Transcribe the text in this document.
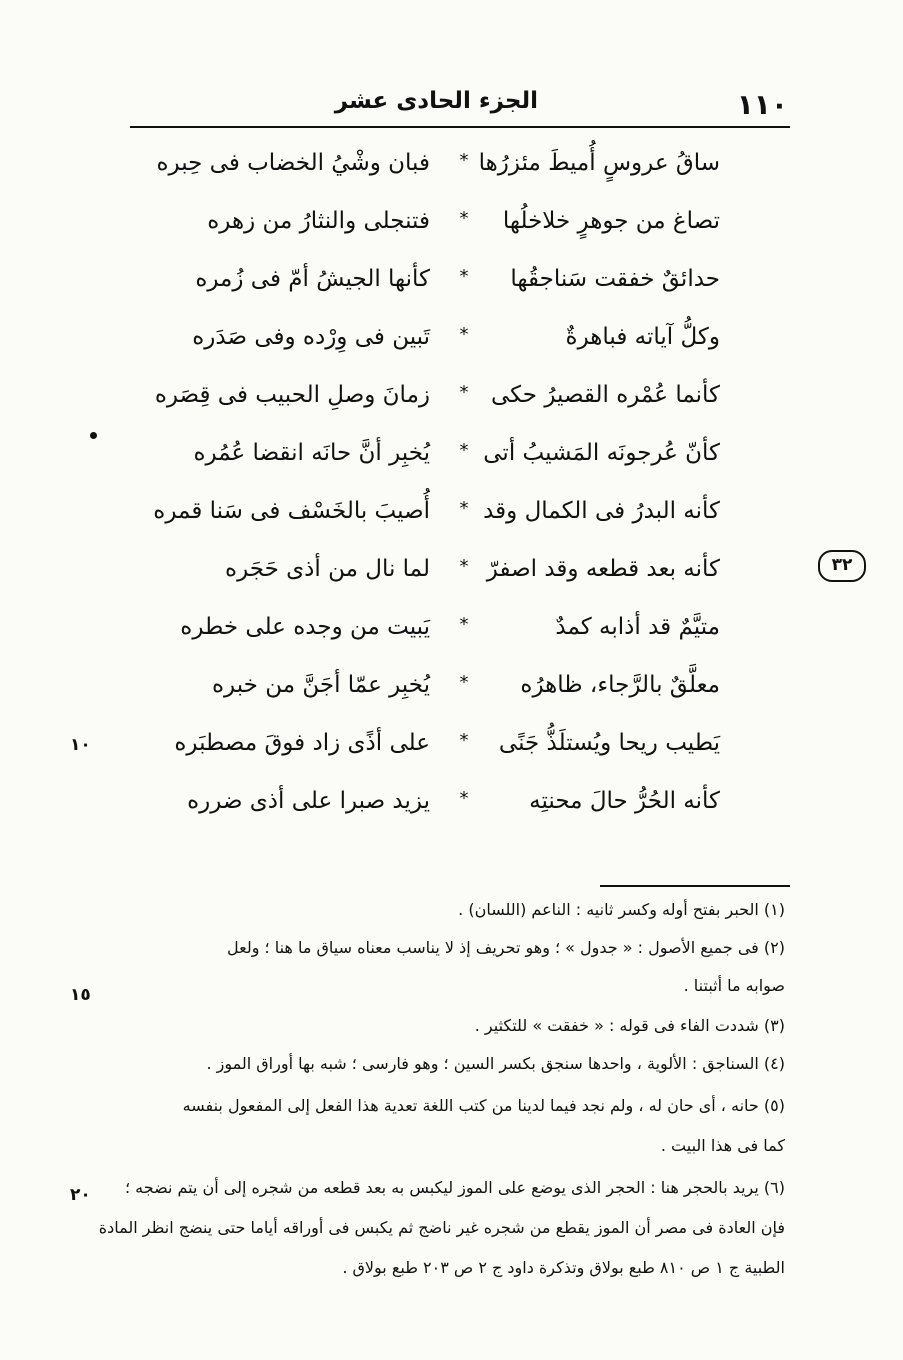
١١٠
الجزء الحادى عشر
ساقُ عروسٍ أُميطَ مئزرُها
*
فبان وشْيُ الخضاب فى حِبره
تصاغ من جوهرٍ خلاخلُها
*
فتنجلى والنثارُ من زهره
حدائقٌ خفقت سَناجقُها
*
كأنها الجيشُ أمّ فى زُمره
وكلُّ آياته فباهرةٌ
*
تَبين فى وِرْده وفى صَدَره
كأنما عُمْره القصيرُ حكى
*
زمانَ وصلِ الحبيب فى قِصَره
كأنّ عُرجونَه المَشيبُ أتى
*
يُخبِر أنَّ حانَه انقضا عُمُره
كأنه البدرُ فى الكمال وقد
*
أُصيبَ بالخَسْف فى سَنا قمره
كأنه بعد قطعه وقد اصفرّ
*
لما نال من أذى حَجَره
متيَّمٌ قد أذابه كمدٌ
*
يَبيت من وجده على خطره
معلَّقٌ بالرَّجاء، ظاهرُه
*
يُخبِر عمّا أجَنَّ من خبره
يَطيب ريحا ويُستلَذُّ جَنًى
*
على أذًى زاد فوقَ مصطبَره
كأنه الحُرُّ حالَ محنتِه
*
يزيد صبرا على أذى ضرره
(١) الحبر بفتح أوله وكسر ثانيه : الناعم (اللسان) .
(٢) فى جميع الأصول : « جدول » ؛ وهو تحريف إذ لا يناسب معناه سياق ما هنا ؛ ولعل
صوابه ما أثبتنا .
(٣) شددت الفاء فى قوله : « خفقت » للتكثير .
(٤) السناجق : الألوية ، واحدها سنجق بكسر السين ؛ وهو فارسى ؛ شبه بها أوراق الموز .
(٥) حانه ، أى حان له ، ولم نجد فيما لدينا من كتب اللغة تعدية هذا الفعل إلى المفعول بنفسه
كما فى هذا البيت .
(٦) يريد بالحجر هنا : الحجر الذى يوضع على الموز ليكبس به بعد قطعه من شجره إلى أن يتم نضجه ؛
فإن العادة فى مصر أن الموز يقطع من شجره غير ناضج ثم يكبس فى أوراقه أياما حتى ينضج انظر المادة
الطبية ج ١ ص ٨١٠ طبع بولاق وتذكرة داود ج ٢ ص ٢٠٣ طبع بولاق .
٣٢
١٠
١٥
٢٠
